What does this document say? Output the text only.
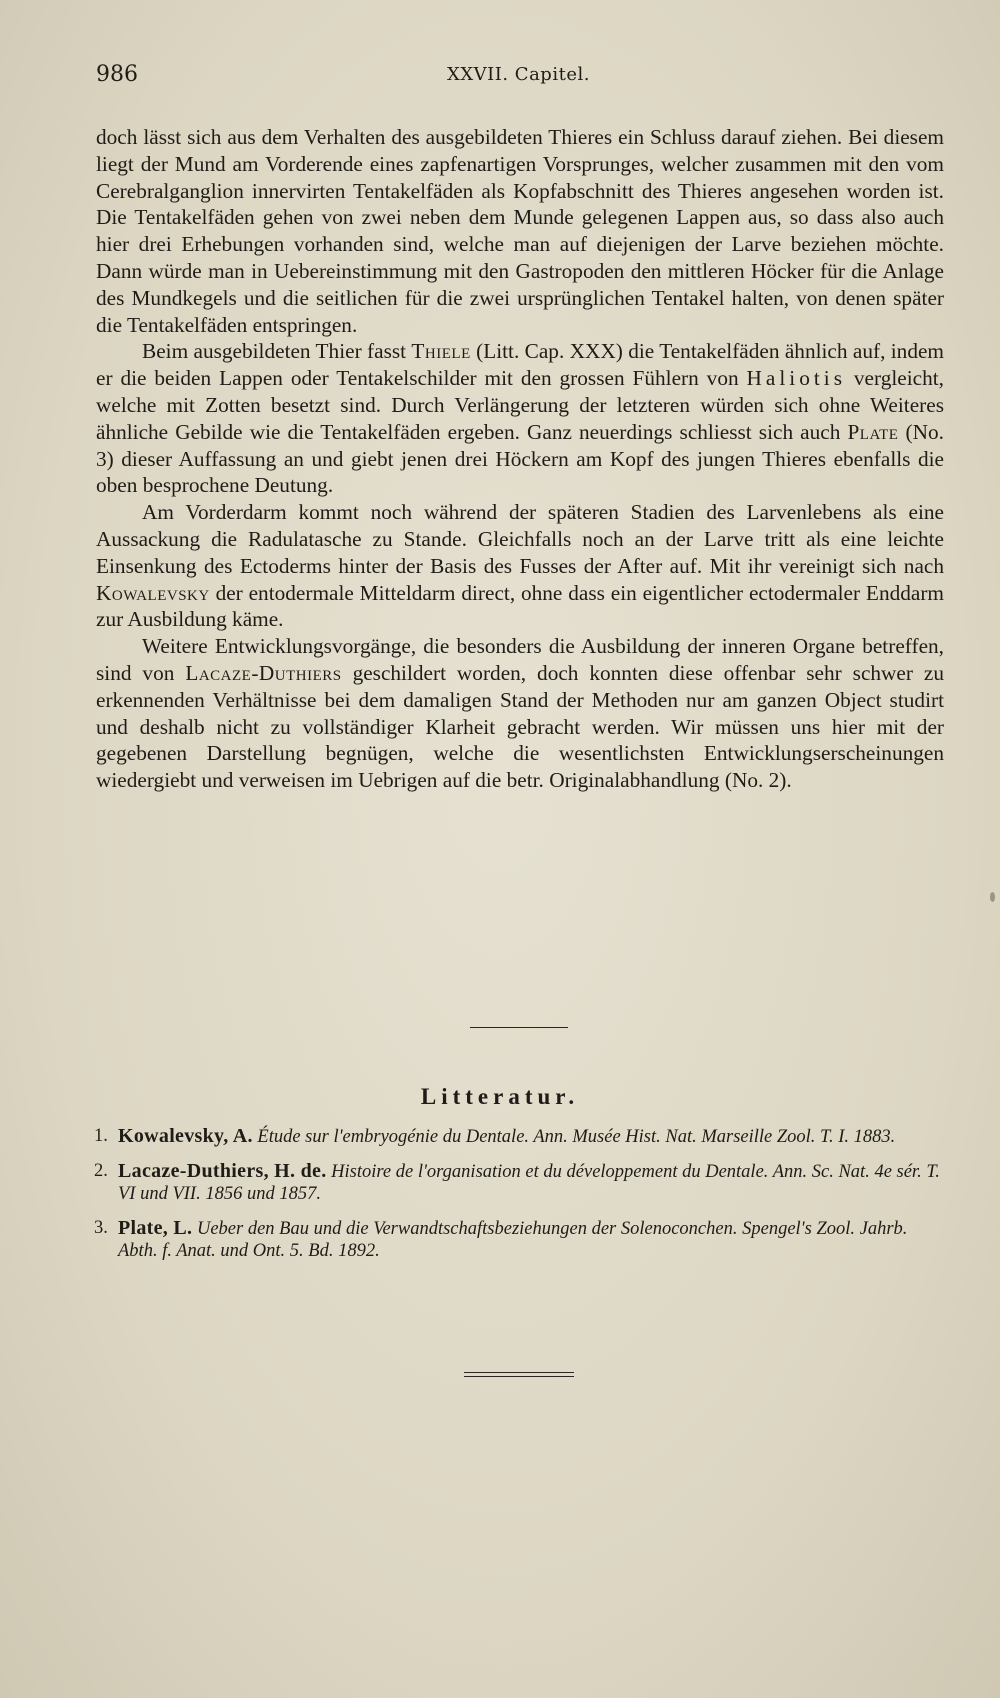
986	XXVII. Capitel.

doch lässt sich aus dem Verhalten des ausgebildeten Thieres ein Schluss darauf ziehen. Bei diesem liegt der Mund am Vorderende eines zapfenartigen Vorsprunges, welcher zusammen mit den vom Cerebralganglion innervirten Tentakelfäden als Kopfabschnitt des Thieres angesehen worden ist. Die Tentakelfäden gehen von zwei neben dem Munde gelegenen Lappen aus, so dass also auch hier drei Erhebungen vorhanden sind, welche man auf diejenigen der Larve beziehen möchte. Dann würde man in Uebereinstimmung mit den Gastropoden den mittleren Höcker für die Anlage des Mundkegels und die seitlichen für die zwei ursprünglichen Tentakel halten, von denen später die Tentakelfäden entspringen.

Beim ausgebildeten Thier fasst Thiele (Litt. Cap. XXX) die Tentakelfäden ähnlich auf, indem er die beiden Lappen oder Tentakelschilder mit den grossen Fühlern von Haliotis vergleicht, welche mit Zotten besetzt sind. Durch Verlängerung der letzteren würden sich ohne Weiteres ähnliche Gebilde wie die Tentakelfäden ergeben. Ganz neuerdings schliesst sich auch Plate (No. 3) dieser Auffassung an und giebt jenen drei Höckern am Kopf des jungen Thieres ebenfalls die oben besprochene Deutung.

Am Vorderdarm kommt noch während der späteren Stadien des Larvenlebens als eine Aussackung die Radulatasche zu Stande. Gleichfalls noch an der Larve tritt als eine leichte Einsenkung des Ectoderms hinter der Basis des Fusses der After auf. Mit ihr vereinigt sich nach Kowalevsky der entodermale Mitteldarm direct, ohne dass ein eigentlicher ectodermaler Enddarm zur Ausbildung käme.

Weitere Entwicklungsvorgänge, die besonders die Ausbildung der inneren Organe betreffen, sind von Lacaze-Duthiers geschildert worden, doch konnten diese offenbar sehr schwer zu erkennenden Verhältnisse bei dem damaligen Stand der Methoden nur am ganzen Object studirt und deshalb nicht zu vollständiger Klarheit gebracht werden. Wir müssen uns hier mit der gegebenen Darstellung begnügen, welche die wesentlichsten Entwicklungserscheinungen wiedergiebt und verweisen im Uebrigen auf die betr. Originalabhandlung (No. 2).

Litteratur.
1. Kowalevsky, A. Étude sur l'embryogénie du Dentale. Ann. Musée Hist. Nat. Marseille Zool. T. I. 1883.
2. Lacaze-Duthiers, H. de. Histoire de l'organisation et du développement du Dentale. Ann. Sc. Nat. 4e sér. T. VI und VII. 1856 und 1857.
3. Plate, L. Ueber den Bau und die Verwandtschaftsbeziehungen der Solenoconchen. Spengel's Zool. Jahrb. Abth. f. Anat. und Ont. 5. Bd. 1892.
